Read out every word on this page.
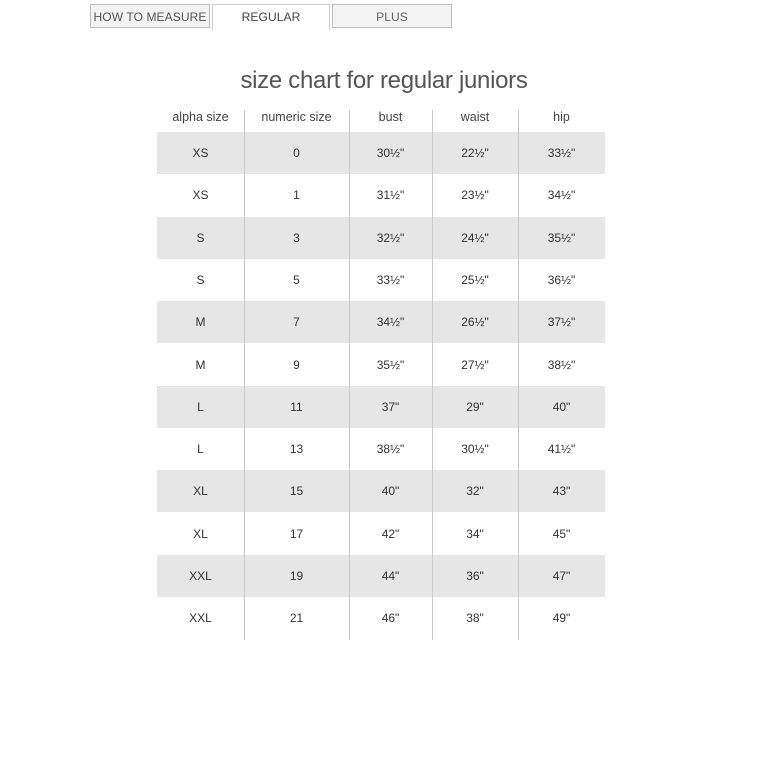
HOW TO MEASURE	REGULAR	PLUS
size chart for regular juniors
alpha size	numeric size	bust	waist	hip
XS	0	30½"	22½"	33½"
XS	1	31½"	23½"	34½"
S	3	32½"	24½"	35½"
S	5	33½"	25½"	36½"
M	7	34½"	26½"	37½"
M	9	35½"	27½"	38½"
L	11	37"	29"	40"
L	13	38½"	30½"	41½"
XL	15	40"	32"	43"
XL	17	42"	34"	45"
XXL	19	44"	36"	47"
XXL	21	46"	38"	49"
